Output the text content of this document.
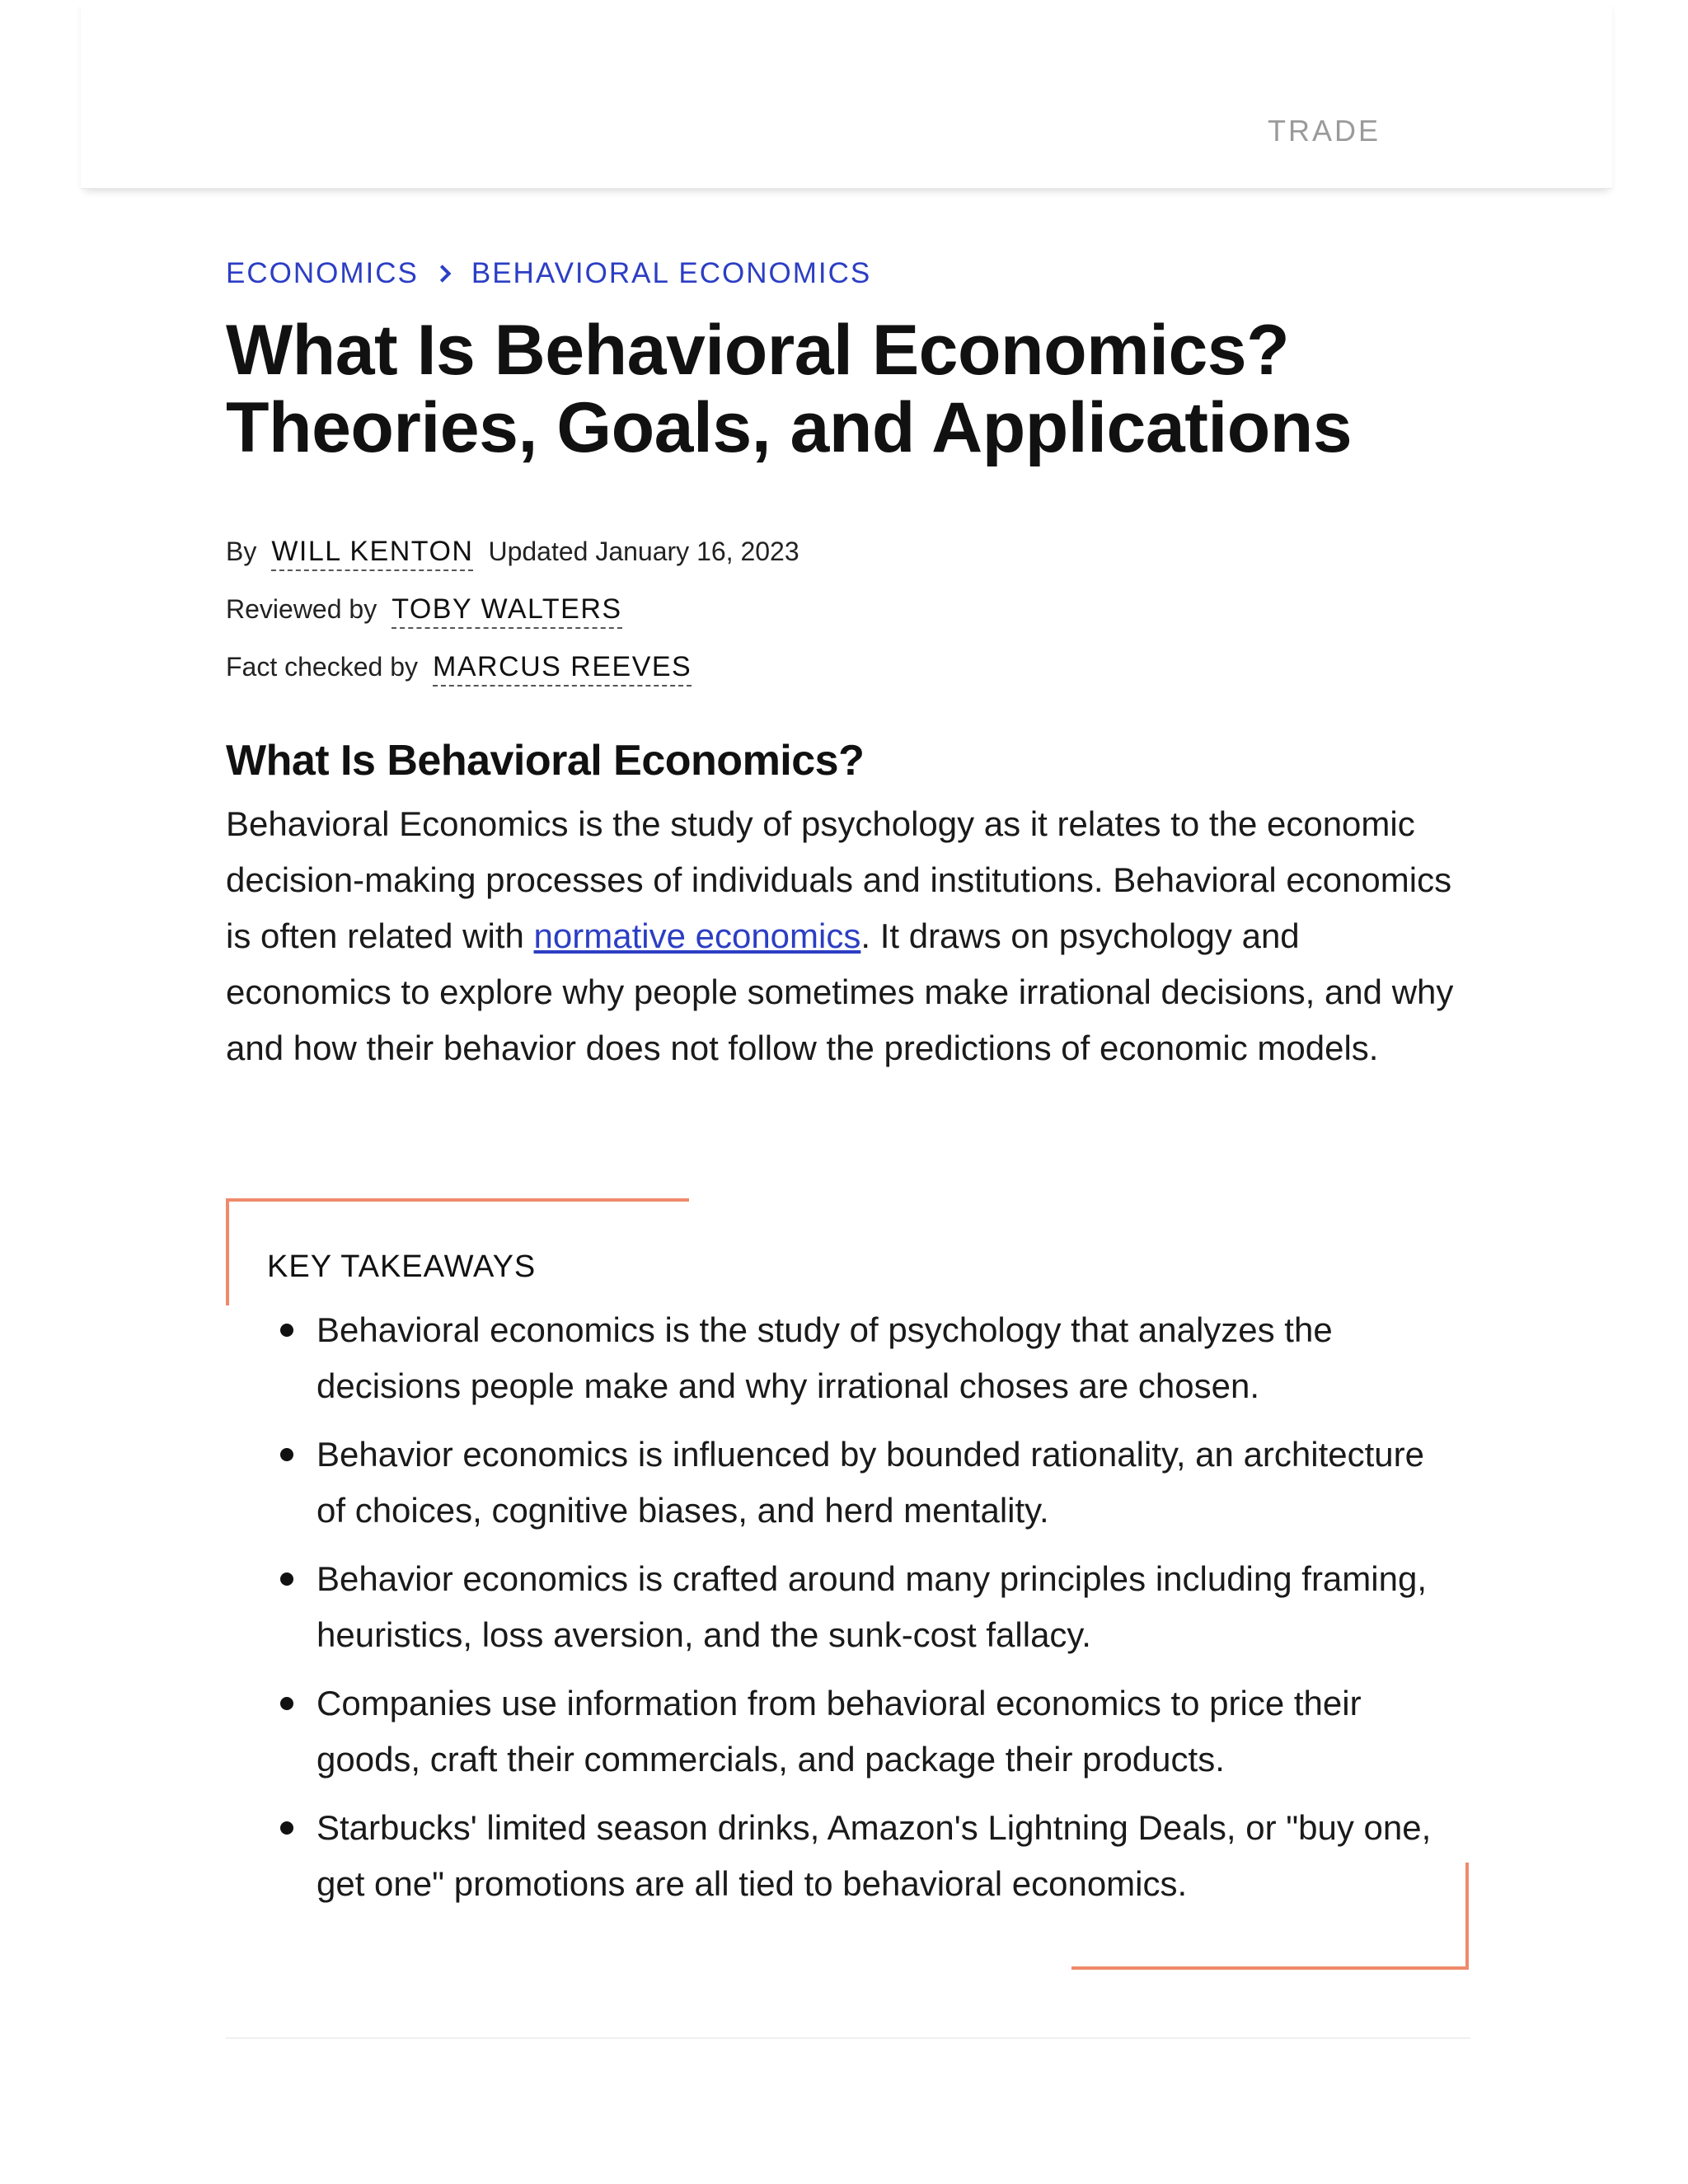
TRADE
ECONOMICS BEHAVIORAL ECONOMICS
What Is Behavioral Economics? Theories, Goals, and Applications
By WILL KENTON Updated January 16, 2023
Reviewed by TOBY WALTERS
Fact checked by MARCUS REEVES
What Is Behavioral Economics?

Behavioral Economics is the study of psychology as it relates to the economic decision-making processes of individuals and institutions. Behavioral economics is often related with normative economics. It draws on psychology and economics to explore why people sometimes make irrational decisions, and why and how their behavior does not follow the predictions of economic models.

KEY TAKEAWAYS
Behavioral economics is the study of psychology that analyzes the decisions people make and why irrational choses are chosen.
Behavior economics is influenced by bounded rationality, an architecture of choices, cognitive biases, and herd mentality.
Behavior economics is crafted around many principles including framing, heuristics, loss aversion, and the sunk-cost fallacy.
Companies use information from behavioral economics to price their goods, craft their commercials, and package their products.
Starbucks' limited season drinks, Amazon's Lightning Deals, or "buy one, get one" promotions are all tied to behavioral economics.
